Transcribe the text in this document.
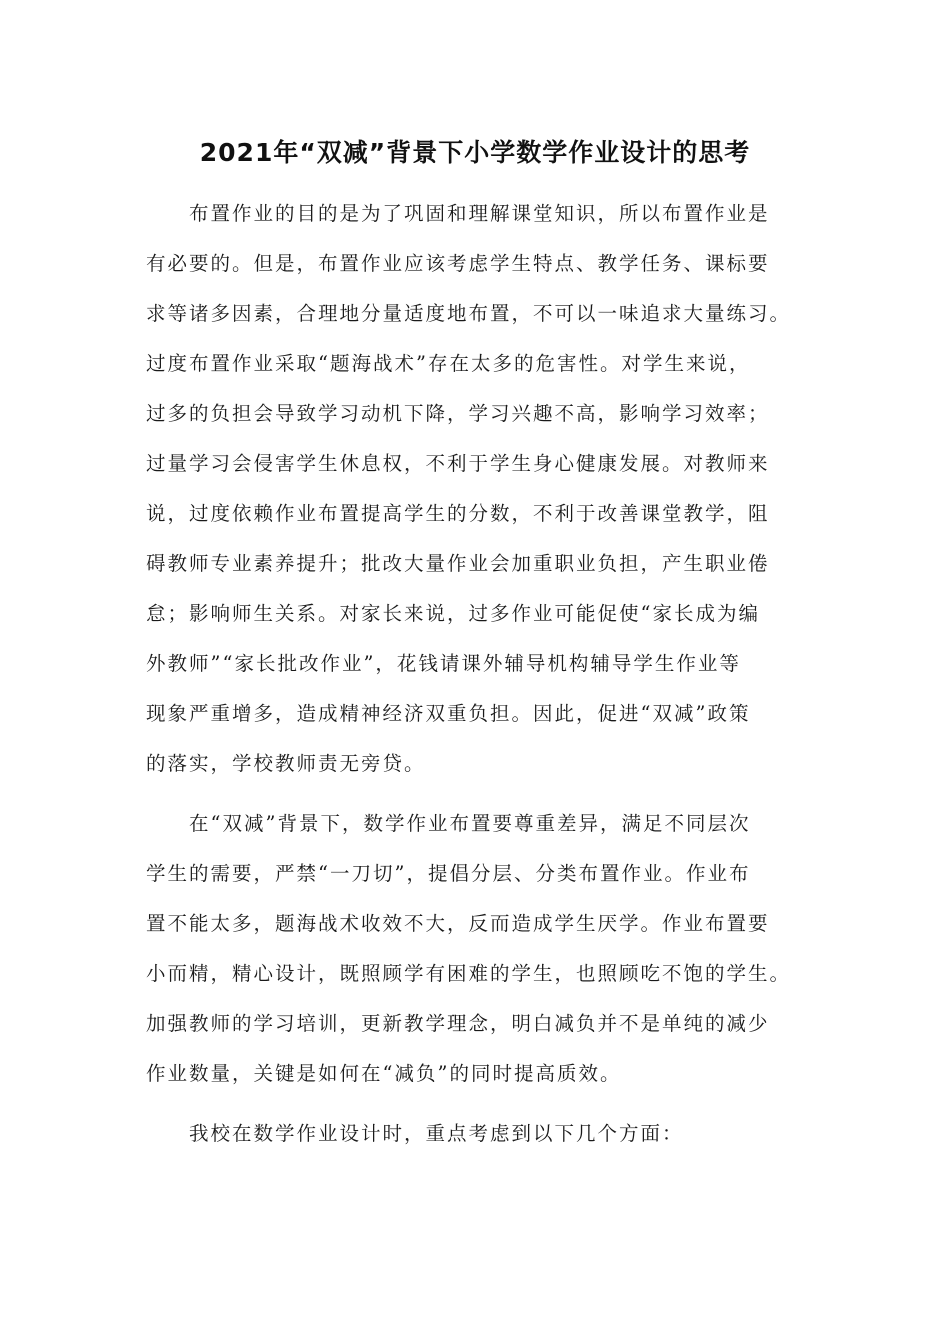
2021年“双减”背景下小学数学作业设计的思考
布置作业的目的是为了巩固和理解课堂知识，所以布置作业是
有必要的。但是，布置作业应该考虑学生特点、教学任务、课标要
求等诸多因素，合理地分量适度地布置，不可以一味追求大量练习。
过度布置作业采取“题海战术”存在太多的危害性。对学生来说，
过多的负担会导致学习动机下降，学习兴趣不高，影响学习效率；
过量学习会侵害学生休息权，不利于学生身心健康发展。对教师来
说，过度依赖作业布置提高学生的分数，不利于改善课堂教学，阻
碍教师专业素养提升；批改大量作业会加重职业负担，产生职业倦
怠；影响师生关系。对家长来说，过多作业可能促使“家长成为编
外教师”“家长批改作业”，花钱请课外辅导机构辅导学生作业等
现象严重增多，造成精神经济双重负担。因此，促进“双减”政策
的落实，学校教师责无旁贷。
在“双减”背景下，数学作业布置要尊重差异，满足不同层次
学生的需要，严禁“一刀切”，提倡分层、分类布置作业。作业布
置不能太多，题海战术收效不大，反而造成学生厌学。作业布置要
小而精，精心设计，既照顾学有困难的学生，也照顾吃不饱的学生。
加强教师的学习培训，更新教学理念，明白减负并不是单纯的减少
作业数量，关键是如何在“减负”的同时提高质效。
我校在数学作业设计时，重点考虑到以下几个方面：
